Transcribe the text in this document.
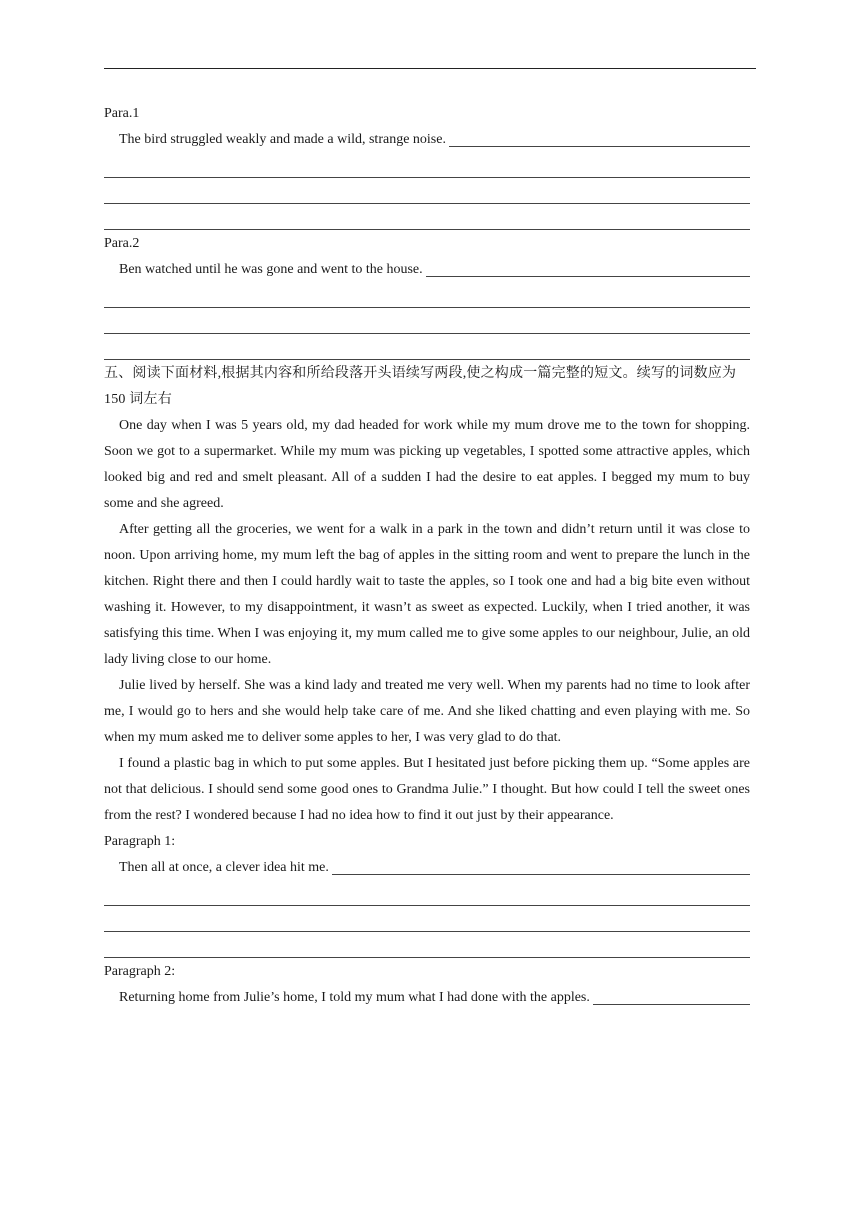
Para.1

The bird struggled weakly and made a wild, strange noise.

Para.2

Ben watched until he was gone and went to the house.

五、阅读下面材料,根据其内容和所给段落开头语续写两段,使之构成一篇完整的短文。续写的词数应为 150 词左右

One day when I was 5 years old, my dad headed for work while my mum drove me to the town for shopping. Soon we got to a supermarket. While my mum was picking up vegetables, I spotted some attractive apples, which looked big and red and smelt pleasant. All of a sudden I had the desire to eat apples. I begged my mum to buy some and she agreed.

After getting all the groceries, we went for a walk in a park in the town and didn’t return until it was close to noon. Upon arriving home, my mum left the bag of apples in the sitting room and went to prepare the lunch in the kitchen. Right there and then I could hardly wait to taste the apples, so I took one and had a big bite even without washing it. However, to my disappointment, it wasn’t as sweet as expected. Luckily, when I tried another, it was satisfying this time. When I was enjoying it, my mum called me to give some apples to our neighbour, Julie, an old lady living close to our home.

Julie lived by herself. She was a kind lady and treated me very well. When my parents had no time to look after me, I would go to hers and she would help take care of me. And she liked chatting and even playing with me. So when my mum asked me to deliver some apples to her, I was very glad to do that.

I found a plastic bag in which to put some apples. But I hesitated just before picking them up. “Some apples are not that delicious. I should send some good ones to Grandma Julie.” I thought. But how could I tell the sweet ones from the rest? I wondered because I had no idea how to find it out just by their appearance.

Paragraph 1:

Then all at once, a clever idea hit me.

Paragraph 2:

Returning home from Julie’s home, I told my mum what I had done with the apples.
